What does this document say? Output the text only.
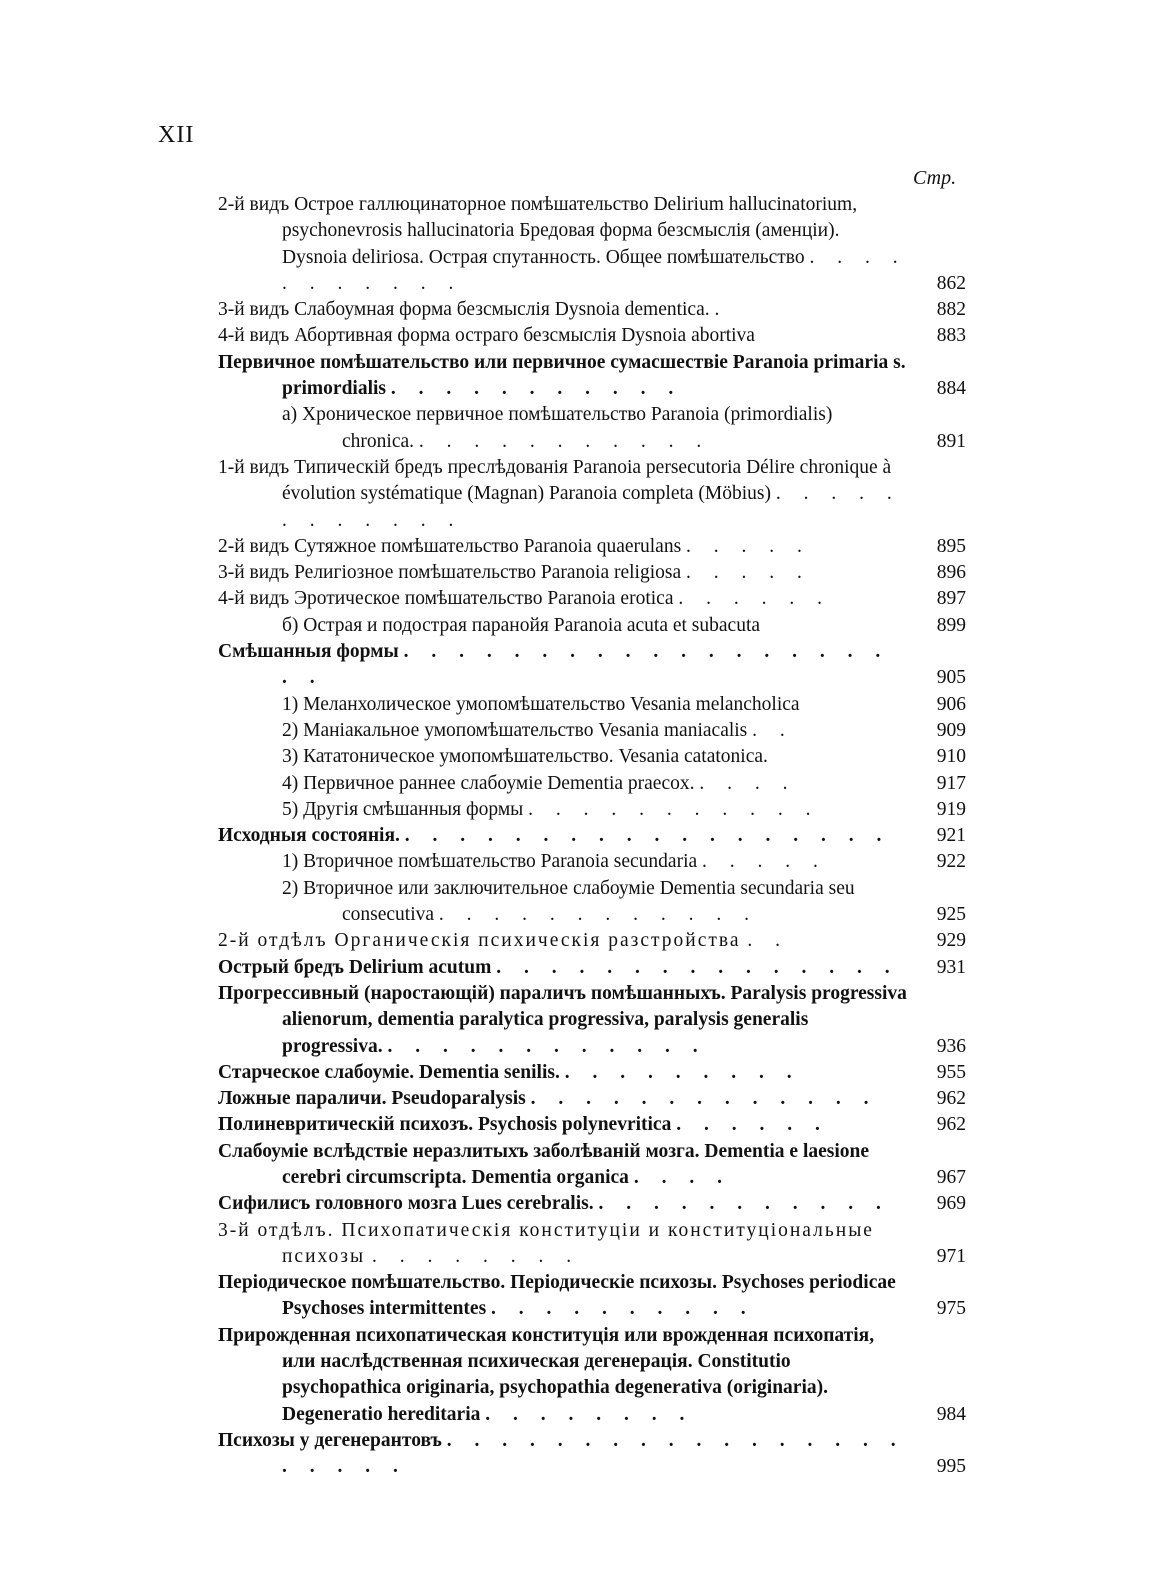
XII
Стр.
2-й видъ Острое галлюцинаторное помѣшательство Delirium hallucinatorium, psychonevrosis hallucinatoria Бредовая форма безсмыслія (аменціи). Dysnoia deliriosa. Острая спутанность. Общее помѣшательство . . . . . . . . . . .	862
3-й видъ Слабоумная форма безсмыслія Dysnoia dementica. .	882
4-й видъ Абортивная форма остраго безсмыслія Dysnoia abortiva	883
Первичное помѣшательство или первичное сумасшествіе Paranoia primaria s. primordialis . . . . . . . . . . .	884
а) Хроническое первичное помѣшательство Paranoia (primordialis) chronica. . . . . . . . . . . .	891
1-й видъ Типическій бредъ преслѣдованія Paranoia persecutoria Délire chronique à évolution systématique (Magnan) Paranoia completa (Möbius) . . . . . . . . . . . .
2-й видъ Сутяжное помѣшательство Paranoia quaerulans . . . . .	895
3-й видъ Религіозное помѣшательство Paranoia religiosa . . . . .	896
4-й видъ Эротическое помѣшательство Paranoia erotica . . . . . .	897
б) Острая и подострая паранойя Paranoia acuta et subacuta	899
Смѣшанныя формы . . . . . . . . . . . . . . . . . . . .	905
1) Меланхолическое умопомѣшательство Vesania melancholica	906
2) Маніакальное умопомѣшательство Vesania maniacalis . .	909
3) Кататоническое умопомѣшательство. Vesania catatonica.	910
4) Первичное раннее слабоуміе Dementia praecox. . . . .	917
5) Другія смѣшанныя формы . . . . . . . . . . .	919
Исходныя состоянія. . . . . . . . . . . . . . . . . . .	921
1) Вторичное помѣшательство Paranoia secundaria . . . . .	922
2) Вторичное или заключительное слабоуміе Dementia secundaria seu consecutiva . . . . . . . . . . . .	925
2-й отдѣлъ Органическія психическія разстройства . .	929
Острый бредъ Delirium acutum . . . . . . . . . . . . . . .	931
Прогрессивный (наростающій) параличъ помѣшанныхъ. Paralysis progressiva alienorum, dementia paralytica progressiva, paralysis generalis progressiva. . . . . . . . . . . . .	936
Старческое слабоуміе. Dementia senilis. . . . . . . . . .	955
Ложные параличи. Pseudoparalysis . . . . . . . . . . . . .	962
Полиневритическій психозъ. Psychosis polynevritica . . . . . .	962
Слабоуміе вслѣдствіе неразлитыхъ заболѣваній мозга. Dementia e laesione cerebri circumscripta. Dementia organica . . . .	967
Сифилисъ головного мозга Lues cerebralis. . . . . . . . . . . .	969
3-й отдѣлъ. Психопатическія конституціи и конституціональные психозы . . . . . . . .	971
Періодическое помѣшательство. Періодическіе психозы. Psychoses periodicae Psychoses intermittentes . . . . . . . . . .	975
Прирожденная психопатическая конституція или врожденная психопатія, или наслѣдственная психическая дегенерація. Constitutio psychopathica originaria, psychopathia degenerativa (originaria). Degeneratio hereditaria . . . . . . . .	984
Психозы у дегенерантовъ . . . . . . . . . . . . . . . . . . . . . .	995
